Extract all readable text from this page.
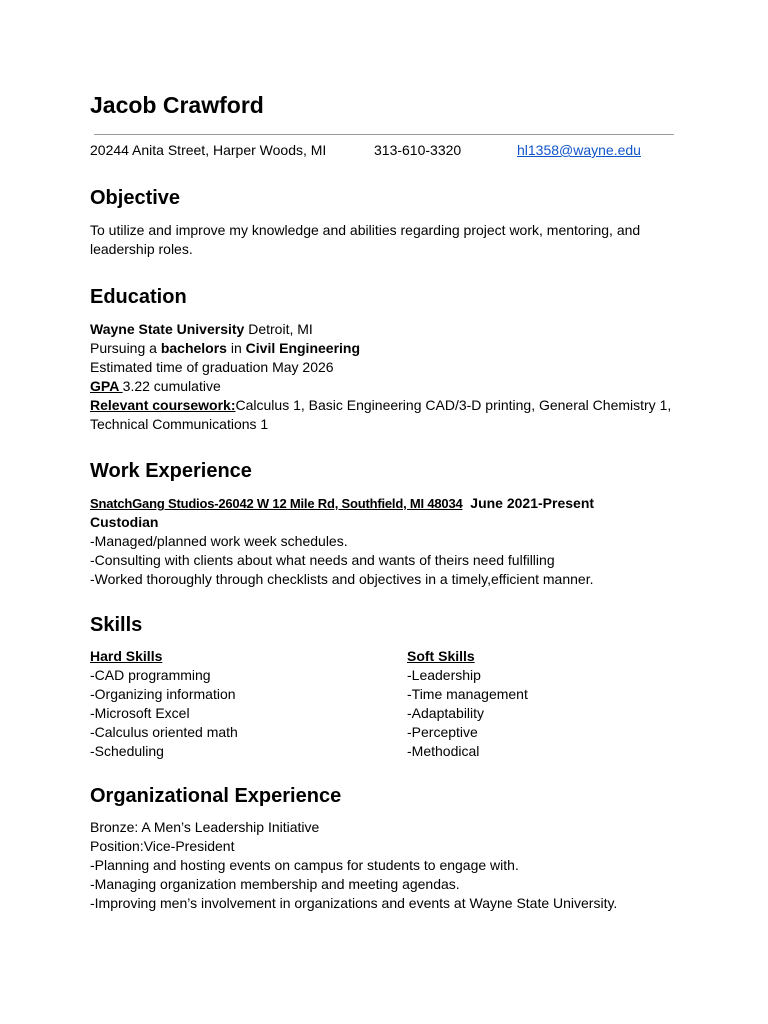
Jacob Crawford
20244 Anita Street, Harper Woods, MI	313-610-3320	hl1358@wayne.edu
Objective

To utilize and improve my knowledge and abilities regarding project work, mentoring, and leadership roles.

Education

Wayne State University Detroit, MI

Pursuing a bachelors in Civil Engineering

Estimated time of graduation May 2026

GPA 3.22 cumulative

Relevant coursework:Calculus 1, Basic Engineering CAD/3-D printing, General Chemistry 1, Technical Communications 1

Work Experience

SnatchGang Studios-26042 W 12 Mile Rd, Southfield, MI 48034 June 2021-Present

Custodian

-Managed/planned work week schedules.

-Consulting with clients about what needs and wants of theirs need fulfilling

-Worked thoroughly through checklists and objectives in a timely,efficient manner.

Skills

Hard Skills

-CAD programming

-Organizing information

-Microsoft Excel

-Calculus oriented math

-Scheduling

Soft Skills

-Leadership

-Time management

-Adaptability

-Perceptive

-Methodical

Organizational Experience

Bronze: A Men’s Leadership Initiative

Position:Vice-President

-Planning and hosting events on campus for students to engage with.

-Managing organization membership and meeting agendas.

-Improving men’s involvement in organizations and events at Wayne State University.
